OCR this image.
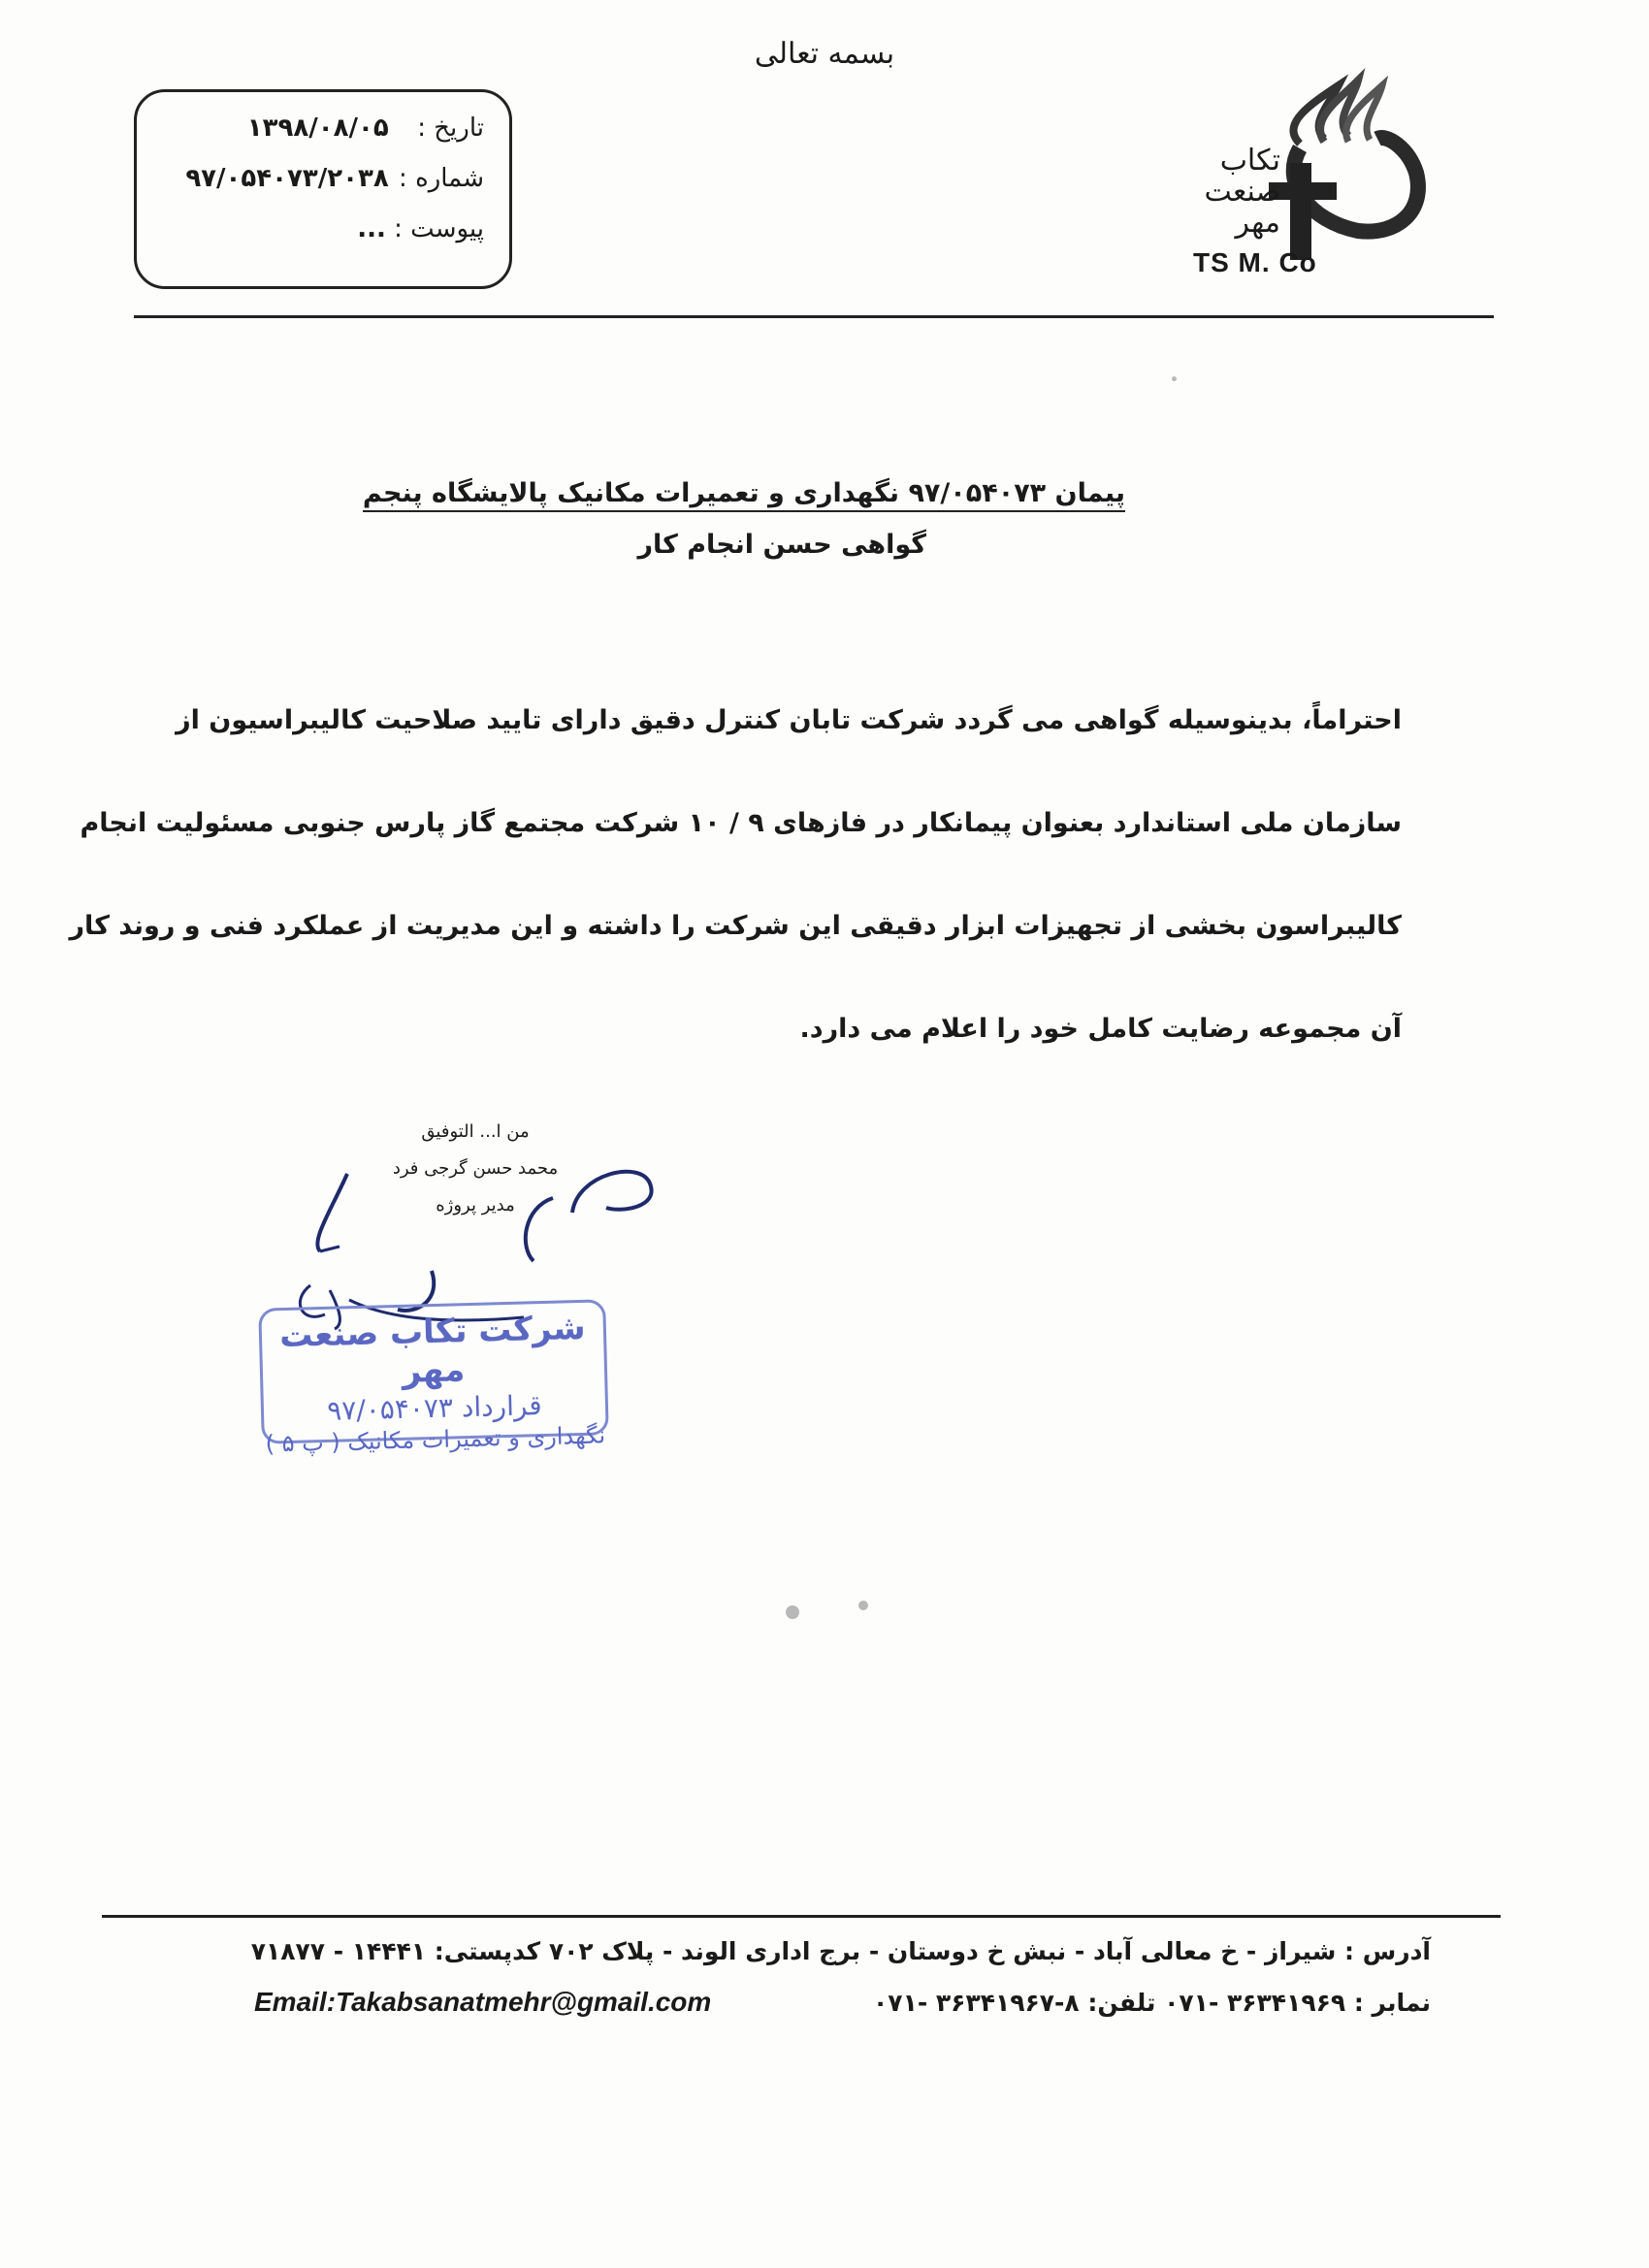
بسمه تعالی
تاریخ : ۱۳۹۸/۰۸/۰۵
شماره : ۹۷/۰۵۴۰۷۳/۲۰۳۸
پیوست : ...
تکاب
صنعت
مهر
TS M. Co
پیمان ۹۷/۰۵۴۰۷۳ نگهداری و تعمیرات مکانیک پالایشگاه پنجم
گواهی حسن انجام کار

احتراماً، بدینوسیله گواهی می گردد شرکت تابان کنترل دقیق دارای تایید صلاحیت کالیبراسیون از

سازمان ملی استاندارد بعنوان پیمانکار در فازهای ۹ / ۱۰ شرکت مجتمع گاز پارس جنوبی مسئولیت انجام

کالیبراسون بخشی از تجهیزات ابزار دقیقی این شرکت را داشته و این مدیریت از عملکرد فنی و روند کار

آن مجموعه رضایت کامل خود را اعلام می دارد.

من ا... التوفیق
محمد حسن گرجی فرد
مدیر پروژه
شرکت تکاب صنعت مهر
قرارداد ۹۷/۰۵۴۰۷۳
نگهداری و تعمیرات مکانیک ( پ ۵ )
آدرس : شیراز - خ معالی آباد - نبش خ دوستان - برج اداری الوند - پلاک ۷۰۲ کدپستی: ۱۴۴۴۱ - ۷۱۸۷۷
نمابر : ۳۶۳۴۱۹۶۹ -۰۷۱ تلفن: ۸-۳۶۳۴۱۹۶۷ -۰۷۱
Email:Takabsanatmehr@gmail.com
